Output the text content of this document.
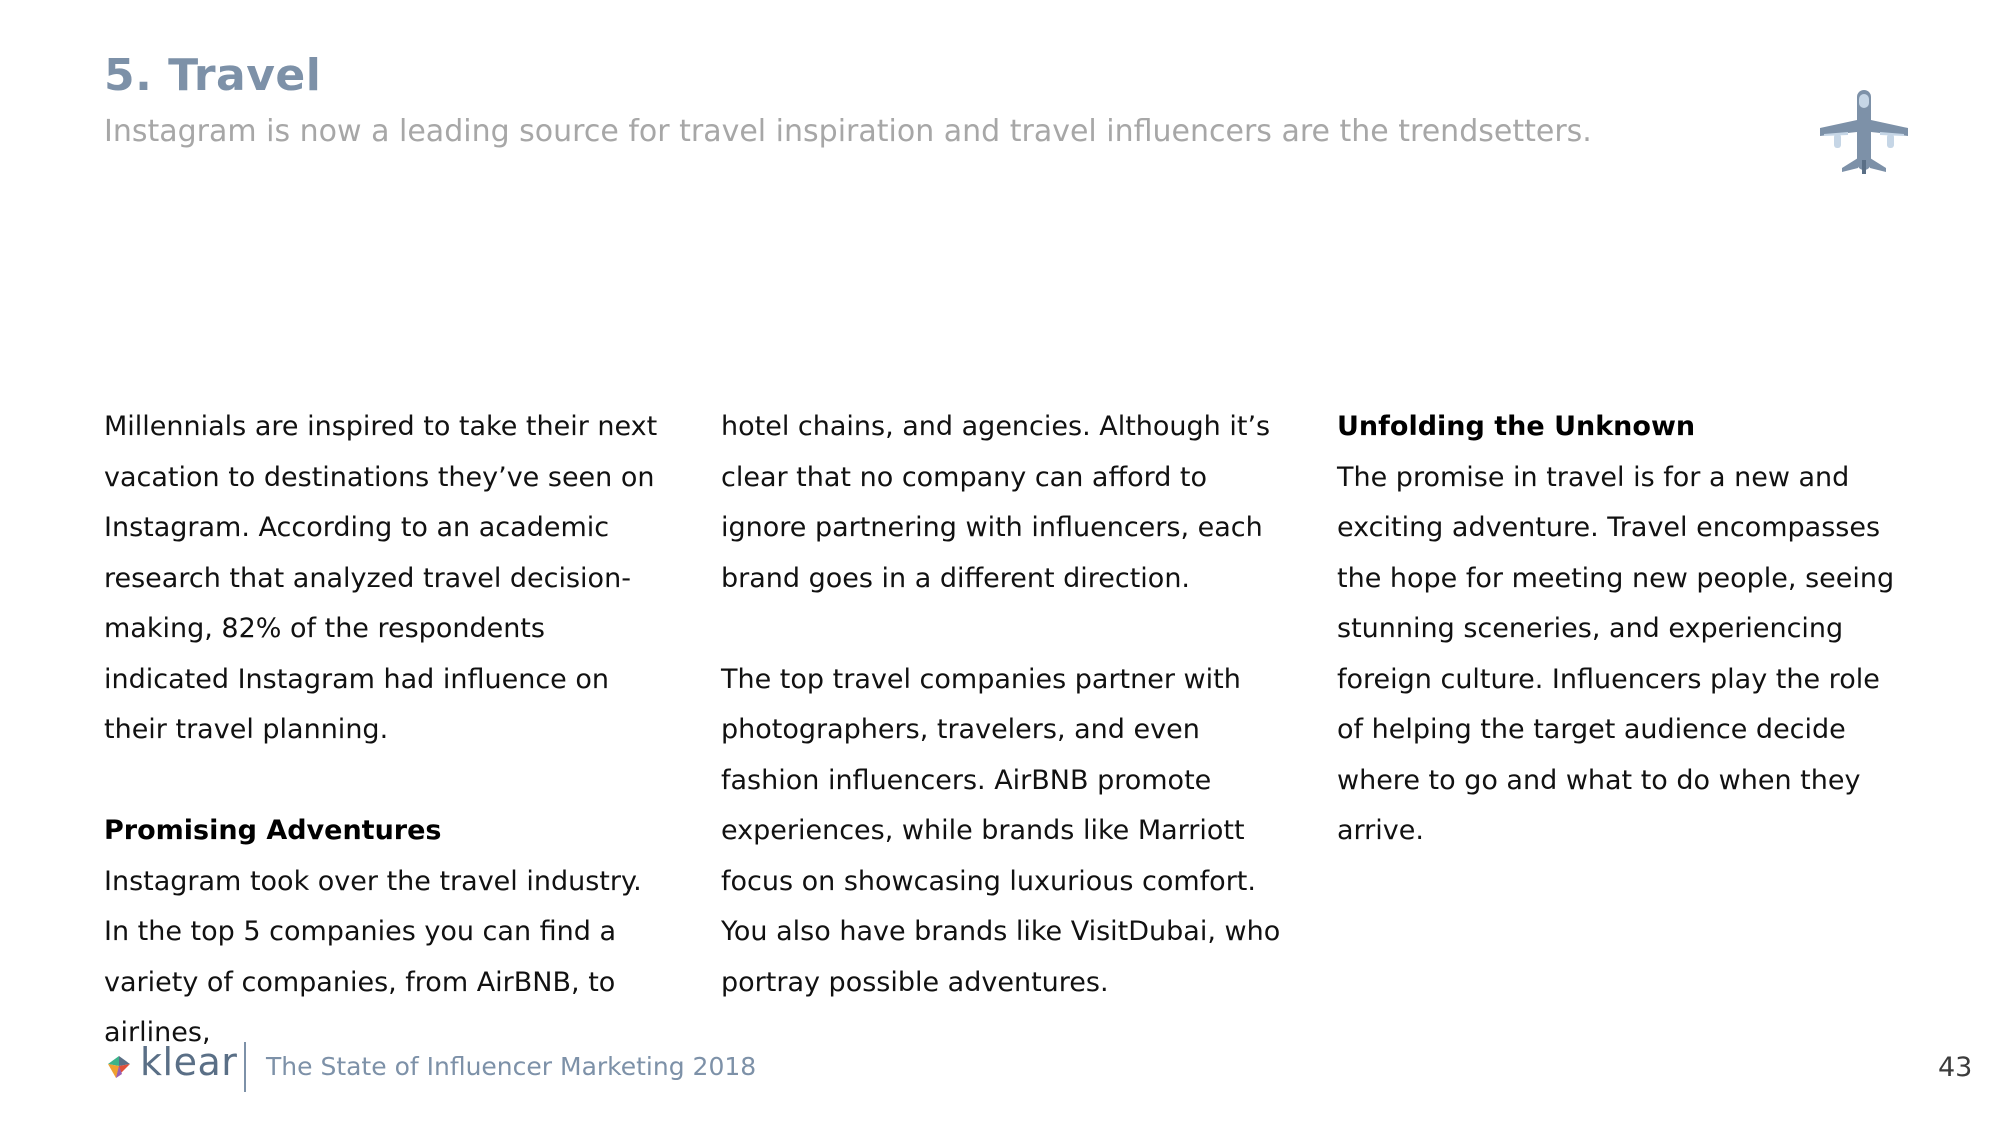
5. Travel
Instagram is now a leading source for travel inspiration and travel influencers are the trendsetters.

Millennials are inspired to take their next vacation to destinations they’ve seen on Instagram. According to an academic research that analyzed travel decision-making, 82% of the respondents indicated Instagram had influence on their travel planning.

Promising Adventures

Instagram took over the travel industry. In the top 5 companies you can find a variety of companies, from AirBNB, to airlines,

hotel chains, and agencies. Although it’s clear that no company can afford to ignore partnering with influencers, each brand goes in a different direction.

The top travel companies partner with photographers, travelers, and even fashion influencers. AirBNB promote experiences, while brands like Marriott focus on showcasing luxurious comfort. You also have brands like VisitDubai, who portray possible adventures.

Unfolding the Unknown

The promise in travel is for a new and exciting adventure. Travel encompasses the hope for meeting new people, seeing stunning sceneries, and experiencing foreign culture. Influencers play the role of helping the target audience decide where to go and what to do when they arrive.

klear The State of Influencer Marketing 2018	43
